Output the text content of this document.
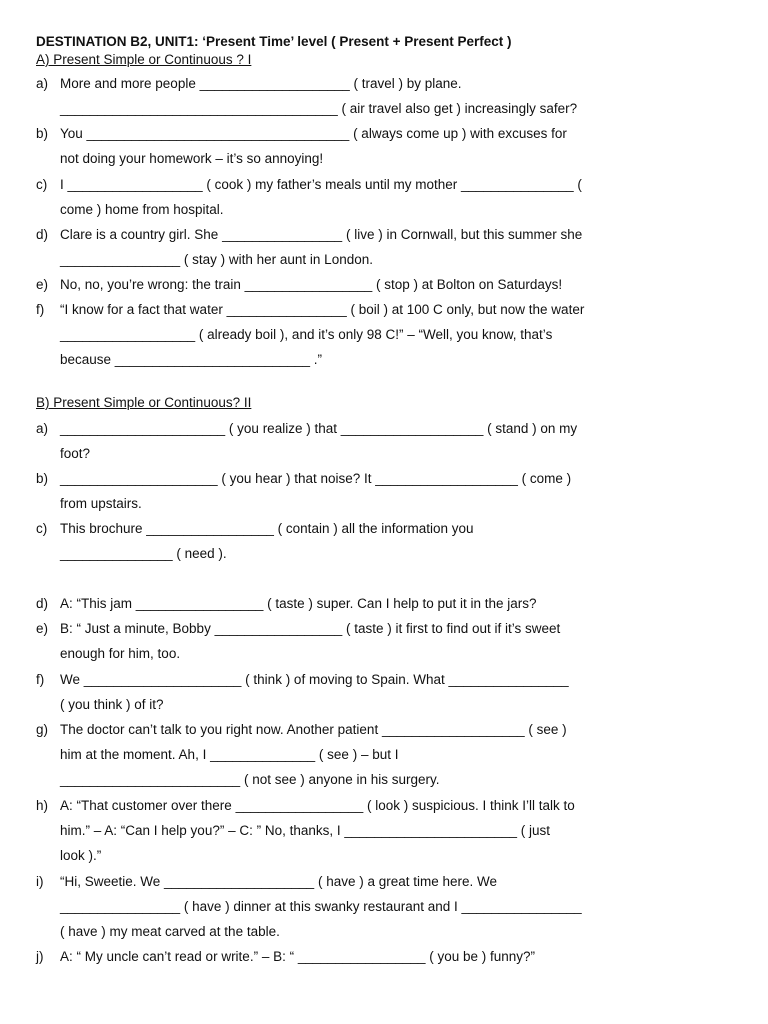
DESTINATION B2, UNIT1: ‘Present Time’ level ( Present + Present Perfect )
A) Present Simple or Continuous ? I
a) More and more people ____________________ ( travel ) by plane.
_____________________________________ ( air travel also get ) increasingly safer?
b) You ___________________________________ ( always come up ) with excuses for
not doing your homework – it’s so annoying!
c) I __________________ ( cook ) my father’s meals until my mother _______________ (
come ) home from hospital.
d) Clare is a country girl. She ________________ ( live ) in Cornwall, but this summer she
________________ ( stay ) with her aunt in London.
e) No, no, you’re wrong: the train _________________ ( stop ) at Bolton on Saturdays!
f)	“I know for a fact that water ________________ ( boil ) at 100 C only, but now the water
__________________ ( already boil ), and it’s only 98 C!” – “Well, you know, that’s
because __________________________ .”
B) Present Simple or Continuous? II
a) ______________________ ( you realize ) that ___________________ ( stand ) on my
foot?
b) _____________________ ( you hear ) that noise? It ___________________ ( come )
from upstairs.
c) This brochure _________________ ( contain ) all the information you
_______________ ( need ).
d) A: “This jam _________________ ( taste ) super. Can I help to put it in the jars?
e) B: “ Just a minute, Bobby _________________ ( taste ) it first to find out if it’s sweet
enough for him, too.
f)	We _____________________ ( think ) of moving to Spain. What ________________
( you think ) of it?
g) The doctor can’t talk to you right now. Another patient ___________________ ( see )
him at the moment. Ah, I ______________ ( see ) – but I
________________________ ( not see ) anyone in his surgery.
h) A: “That customer over there _________________ ( look ) suspicious. I think I’ll talk to
him.” – A: “Can I help you?” – C: ” No, thanks, I _______________________ ( just
look ).”
i)	“Hi, Sweetie. We ____________________ ( have ) a great time here. We
________________ ( have ) dinner at this swanky restaurant and I ________________
( have ) my meat carved at the table.
j)	A: “ My uncle can’t read or write.” – B: “ _________________ ( you be ) funny?”
